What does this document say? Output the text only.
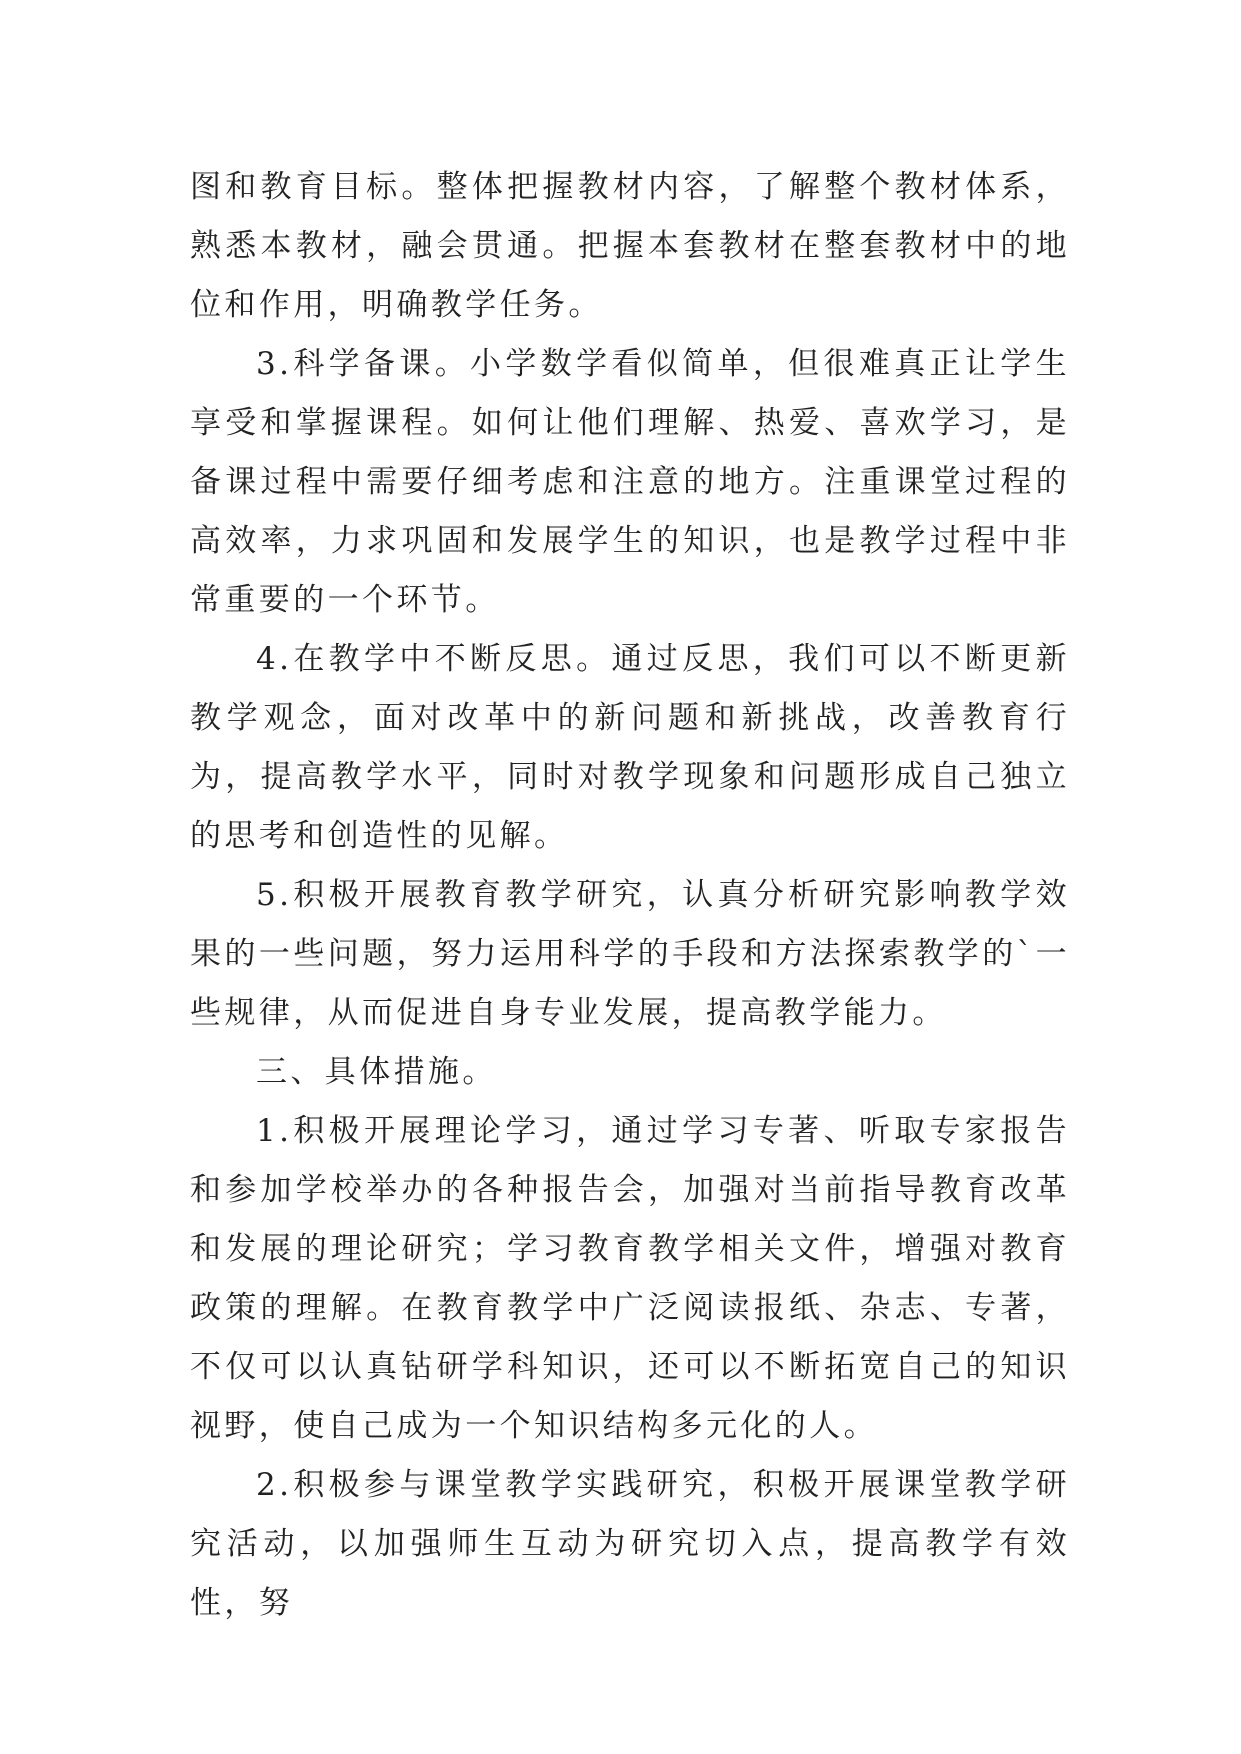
图和教育目标。整体把握教材内容，了解整个教材体系，熟悉本教材，融会贯通。把握本套教材在整套教材中的地位和作用，明确教学任务。

3.科学备课。小学数学看似简单，但很难真正让学生享受和掌握课程。如何让他们理解、热爱、喜欢学习，是备课过程中需要仔细考虑和注意的地方。注重课堂过程的高效率，力求巩固和发展学生的知识，也是教学过程中非常重要的一个环节。

4.在教学中不断反思。通过反思，我们可以不断更新教学观念，面对改革中的新问题和新挑战，改善教育行为，提高教学水平，同时对教学现象和问题形成自己独立的思考和创造性的见解。

5.积极开展教育教学研究，认真分析研究影响教学效果的一些问题，努力运用科学的手段和方法探索教学的`一些规律，从而促进自身专业发展，提高教学能力。

三、具体措施。

1.积极开展理论学习，通过学习专著、听取专家报告和参加学校举办的各种报告会，加强对当前指导教育改革和发展的理论研究；学习教育教学相关文件，增强对教育政策的理解。在教育教学中广泛阅读报纸、杂志、专著，不仅可以认真钻研学科知识，还可以不断拓宽自己的知识视野，使自己成为一个知识结构多元化的人。

2.积极参与课堂教学实践研究，积极开展课堂教学研究活动，以加强师生互动为研究切入点，提高教学有效性，努
